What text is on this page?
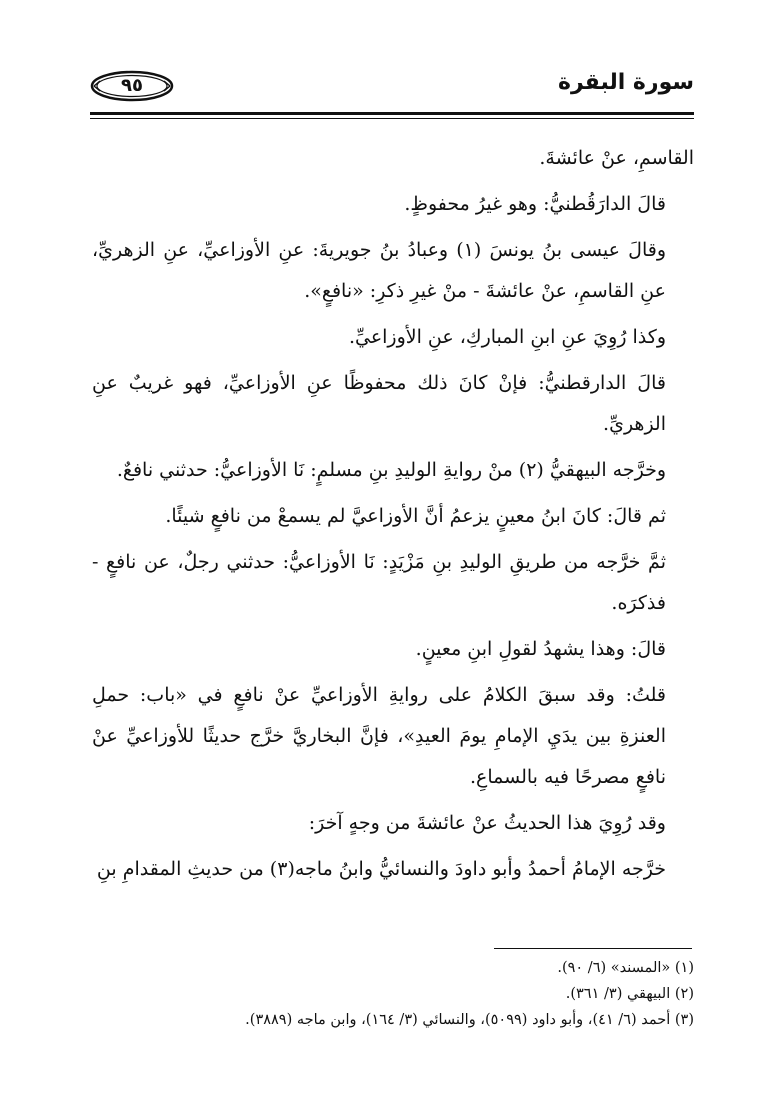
سورة البقرة
٩٥

القاسمِ، عنْ عائشةَ.

قالَ الدارَقُطنيُّ: وهو غيرُ محفوظٍ.

وقالَ عيسى بنُ يونسَ (١) وعبادُ بنُ جويريةَ: عنِ الأوزاعيِّ، عنِ الزهريِّ، عنِ القاسمِ، عنْ عائشةَ - منْ غيرِ ذكرِ: «نافعٍ».

وكذا رُوِيَ عنِ ابنِ المباركِ، عنِ الأوزاعيِّ.

قالَ الدارقطنيُّ: فإنْ كانَ ذلك محفوظًا عنِ الأوزاعيِّ، فهو غريبٌ عنِ الزهريِّ.

وخرَّجه البيهقيُّ (٢) منْ روايةِ الوليدِ بنِ مسلمٍ: نَا الأوزاعيُّ: حدثني نافعٌ.

ثم قالَ: كانَ ابنُ معينٍ يزعمُ أنَّ الأوزاعيَّ لم يسمعْ من نافعٍ شيئًا.

ثمَّ خرَّجه من طريقِ الوليدِ بنِ مَزْيَدٍ: نَا الأوزاعيُّ: حدثني رجلٌ، عن نافعٍ - فذكرَه.

قالَ: وهذا يشهدُ لقولِ ابنِ معينٍ.

قلتُ: وقد سبقَ الكلامُ على روايةِ الأوزاعيِّ عنْ نافعٍ في «باب: حملِ العنزةِ بين يدَيِ الإمامِ يومَ العيدِ»، فإنَّ البخاريَّ خرَّج حديثًا للأوزاعيِّ عنْ نافعٍ مصرحًا فيه بالسماعِ.

وقد رُوِيَ هذا الحديثُ عنْ عائشةَ من وجهٍ آخرَ:

خرَّجه الإمامُ أحمدُ وأبو داودَ والنسائيُّ وابنُ ماجه(٣) من حديثِ المقدامِ بنِ

(١) «المسند» (٦/ ٩٠).

(٢) البيهقي (٣/ ٣٦١).

(٣) أحمد (٦/ ٤١)، وأبو داود (٥٠٩٩)، والنسائي (٣/ ١٦٤)، وابن ماجه (٣٨٨٩).
